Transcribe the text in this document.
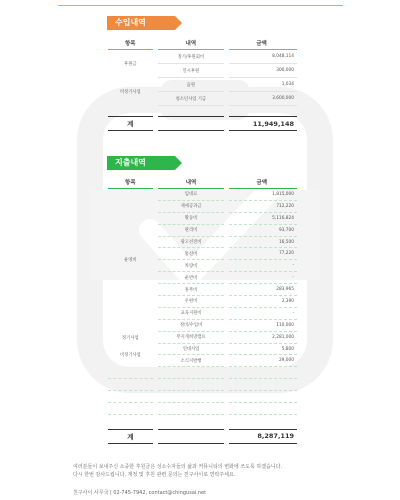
수입내역
항목	내역	금액
후원금	정기/후원회비	8,048,114
	일시후원	300,000
비정기사업	음원	1,034
	청소년사업 기금	3,600,000

계		11,949,148
지출내역
항목	내역	금액
운영비	임대료	1,815,000
	제세공과금	712,220
	활동비	5,116,824
	관리비	93,700
	광고선전비	16,500
	통신비	77,220
	차량비	-
	운반비	-
	홍무비	283,965
	우편비	2,390
	교육지원비	-
	정비/수입비	110,000
정기사업	무지개희망캠프	2,281,000
비정기사업	연대사업	5,800
	소식지발행	29,000

계		8,287,119
여러분들이 보내주신 소중한 후원금은 성소수자들의 삶과 커뮤니티의 변화에 쓰도록 하겠습니다.
다시 한번 감사드립니다. 재정 및 후원 관련 문의는 친구사이로 연락주세요.
친구사이 사무국 | 02-745-7942, contact@chingusai.net
